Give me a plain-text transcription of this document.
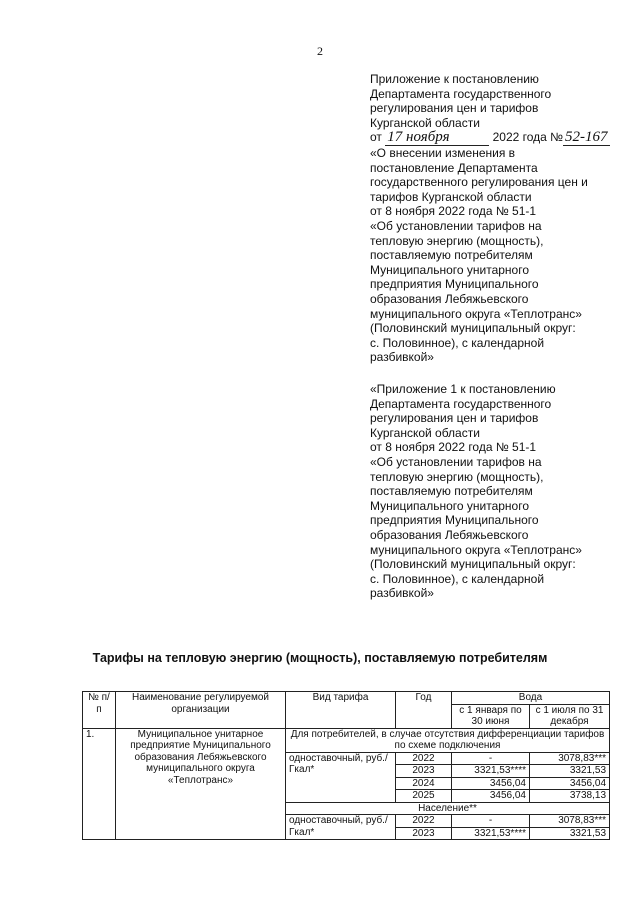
2

Приложение к постановлению

Департамента государственного

регулирования цен и тарифов

Курганской области

от 17 ноября	2022 года № 52-167

«О внесении изменения в

постановление Департамента

государственного регулирования цен и

тарифов Курганской области

от 8 ноября 2022 года № 51-1

«Об установлении тарифов на

тепловую энергию (мощность),

поставляемую потребителям

Муниципального унитарного

предприятия Муниципального

образования Лебяжьевского

муниципального округа «Теплотранс»

(Половинский муниципальный округ:

с. Половинное), с календарной

разбивкой»

«Приложение 1 к постановлению

Департамента государственного

регулирования цен и тарифов

Курганской области

от 8 ноября 2022 года № 51-1

«Об установлении тарифов на

тепловую энергию (мощность),

поставляемую потребителям

Муниципального унитарного

предприятия Муниципального

образования Лебяжьевского

муниципального округа «Теплотранс»

(Половинский муниципальный округ:

с. Половинное), с календарной

разбивкой»

Тарифы на тепловую энергию (мощность), поставляемую потребителям
№ п/п	Наименование регулируемой организации	Вид тарифа	Год	Вода	
				с 1 января по 30 июня	с 1 июля по 31 декабря
1.	Муниципальное унитарное предприятие Муниципального образования Лебяжьевского муниципального округа «Теплотранс»	Для потребителей, в случае отсутствия дифференциации тарифов по схеме подключения			
		одноставочный, руб./Гкал*	2022	-	3078,83***
			2023	3321,53****	3321,53
			2024	3456,04	3456,04
			2025	3456,04	3738,13
		Население**			
		одноставочный, руб./Гкал*	2022	-	3078,83***
			2023	3321,53****	3321,53
